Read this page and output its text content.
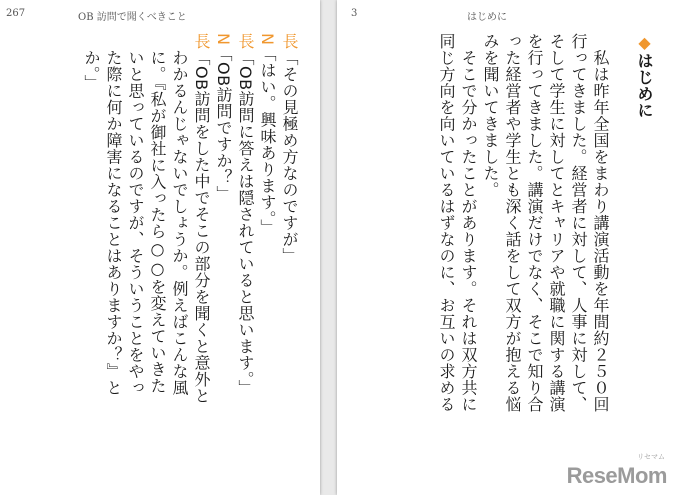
267	OB 訪問で聞くべきこと
長「その見極め方なのですが」
N「はい。興味あります。」
長「OB訪問に答えは隠されていると思います。」
N「OB訪問ですか？」
長「OB訪問をした中でそこの部分を聞くと意外と
　わかるんじゃないでしょうか。例えばこんな風
　に。『私が御社に入ったら○○を変えていきた
　いと思っているのですが、そういうことをやっ
　た際に何か障害になることはありますか？』と
　か。」
3	はじめに
◆はじめに

　私は昨年全国をまわり講演活動を年間約２５０回
行ってきました。経営者に対して、人事に対して、
そして学生に対してとキャリアや就職に関する講演
を行ってきました。講演だけでなく、そこで知り合
った経営者や学生とも深く話をして双方が抱える悩
みを聞いてきました。
　そこで分かったことがあります。それは双方共に
同じ方向を向いているはずなのに、お互いの求める
リセマム
ReseMom
